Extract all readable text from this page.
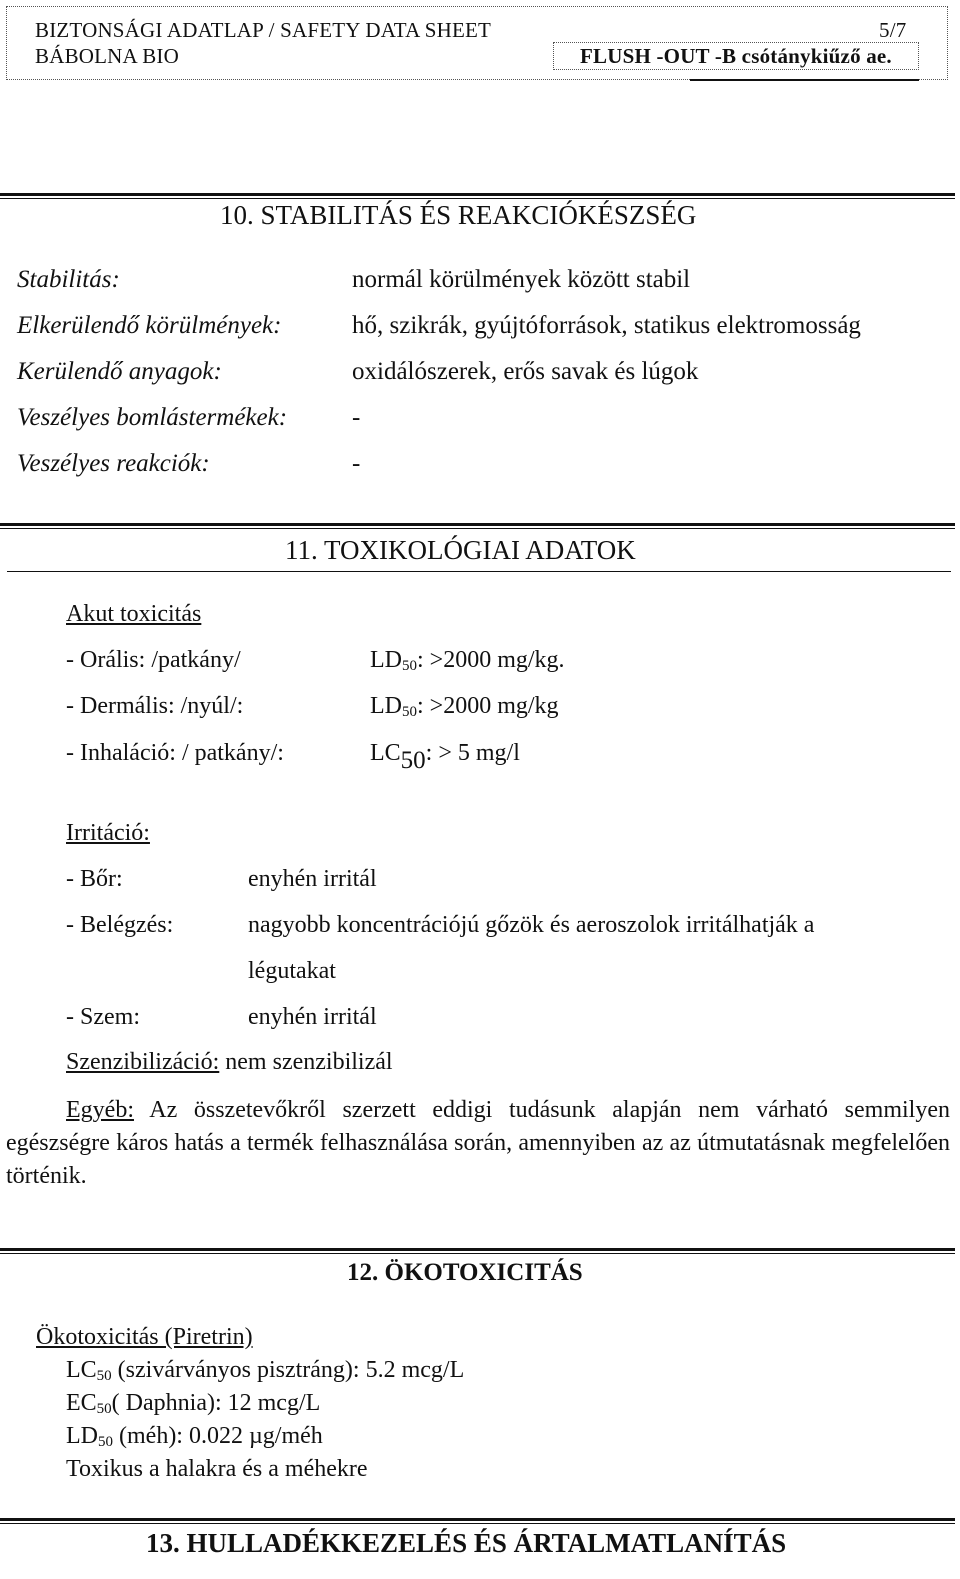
BIZTONSÁGI ADATLAP / SAFETY DATA SHEET	5/7
BÁBOLNA BIO	FLUSH -OUT -B csótánykiűző ae.
10. STABILITÁS ÉS REAKCIÓKÉSZSÉG
Stabilitás:	normál körülmények között stabil
Elkerülendő körülmények:	hő, szikrák, gyújtóforrások, statikus elektromosság
Kerülendő anyagok:	oxidálószerek, erős savak és lúgok
Veszélyes bomlástermékek:	-
Veszélyes reakciók:	-
11. TOXIKOLÓGIAI ADATOK
Akut toxicitás
- Orális: /patkány/	$LD_{50}$: >2000 mg/kg.
- Dermális: /nyúl/:	$LD_{50}$: >2000 mg/kg
- Inhaláció: / patkány/:	LC50: > 5 mg/l
Irritáció:
- Bőr:	enyhén irritál
- Belégzés:	nagyobb koncentrációjú gőzök és aeroszolok irritálhatják a
légutakat
- Szem:	enyhén irritál
Szenzibilizáció: nem szenzibilizál
Egyéb: Az összetevőkről szerzett eddigi tudásunk alapján nem várható semmilyen egészségre káros hatás a termék felhasználása során, amennyiben az az útmutatásnak megfelelően történik.
12. ÖKOTOXICITÁS
Ökotoxicitás (Piretrin)
$LC_{50}$ (szivárványos pisztráng): 5.2 mcg/L
$EC_{50}$( Daphnia): 12 mcg/L
$LD_{50}$ (méh): 0.022 µg/méh
Toxikus a halakra és a méhekre
13. HULLADÉKKEZELÉS ÉS ÁRTALMATLANÍTÁS
